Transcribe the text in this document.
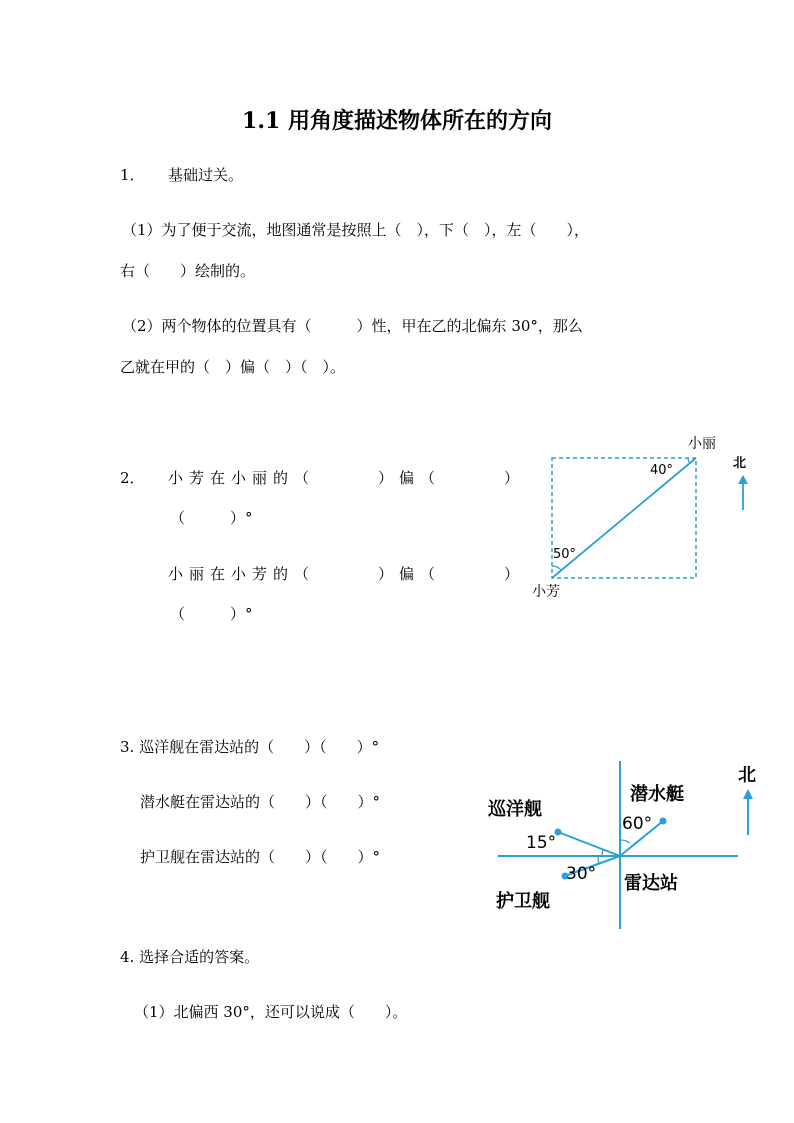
1.1 用角度描述物体所在的方向
1． 基础过关。
（1）为了便于交流，地图通常是按照上（　），下（　），左（　　），
右（　　）绘制的。
（2）两个物体的位置具有（　　　）性，甲在乙的北偏东 30°，那么
乙就在甲的（　）偏（　）（　）。
2． 小芳在小丽的（　　　）偏（　　　）
（　　　）°
小丽在小芳的（　　　）偏（　　　）
（　　　）°
小丽
小芳
40°
50°
北
3. 巡洋舰在雷达站的（　　）（　　）°
潜水艇在雷达站的（　　）（　　）°
护卫舰在雷达站的（　　）（　　）°
巡洋舰
潜水艇
护卫舰
雷达站
15°
60°
30°
北
4. 选择合适的答案。
（1）北偏西 30°，还可以说成（　　）。
